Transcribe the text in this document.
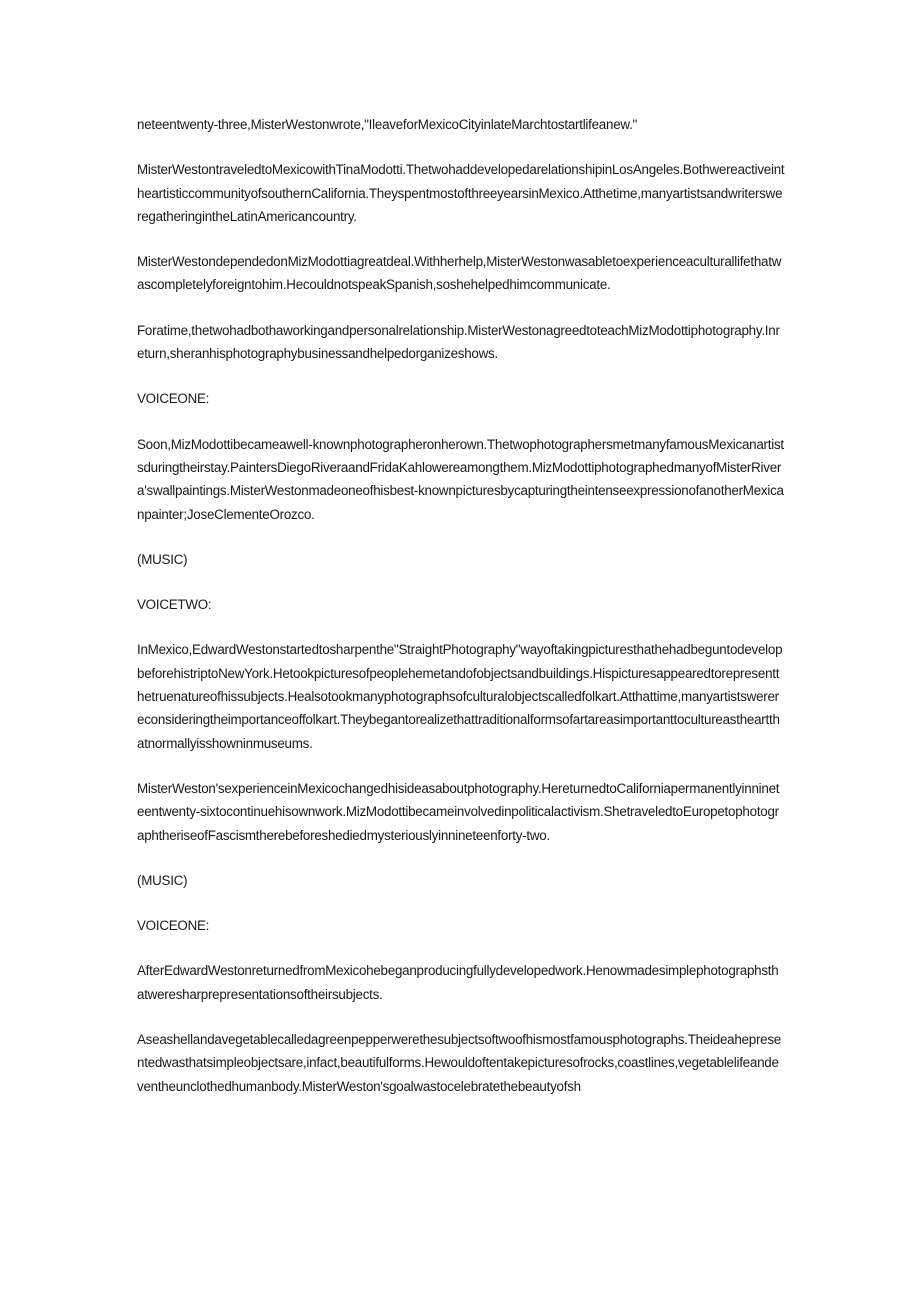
neteentwenty-three,MisterWestonwrote,"IleaveforMexicoCityinlateMarchtostartlifeanew."

MisterWestontraveledtoMexicowithTinaModotti.ThetwohaddevelopedarelationshipinLosAngeles.BothwereactiveintheartisticcommunityofsouthernCalifornia.TheyspentmostofthreeyearsinMexico.Atthetime,manyartistsandwritersweregatheringintheLatinAmericancountry.

MisterWestondependedonMizModottiagreatdeal.Withherhelp,MisterWestonwasabletoexperienceaculturallifethatwascompletelyforeigntohim.HecouldnotspeakSpanish,soshehelpedhimcommunicate.

Foratime,thetwohadbothaworkingandpersonalrelationship.MisterWestonagreedtoteachMizModottiphotography.Inreturn,sheranhisphotographybusinessandhelpedorganizeshows.

VOICEONE:

Soon,MizModottibecameawell-knownphotographeronherown.ThetwophotographersmetmanyfamousMexicanartistsduringtheirstay.PaintersDiegoRiveraandFridaKahlowereamongthem.MizModottiphotographedmanyofMisterRivera'swallpaintings.MisterWestonmadeoneofhisbest-knownpicturesbycapturingtheintenseexpressionofanotherMexicanpainter;JoseClementeOrozco.

(MUSIC)

VOICETWO:

InMexico,EdwardWestonstartedtosharpenthe"StraightPhotography"wayoftakingpicturesthathehadbeguntodevelopbeforehistriptoNewYork.Hetookpicturesofpeoplehemetandofobjectsandbuildings.Hispicturesappearedtorepresentthetruenatureofhissubjects.Healsotookmanyphotographsofculturalobjectscalledfolkart.Atthattime,manyartistswerereconsideringtheimportanceoffolkart.Theybegantorealizethattraditionalformsofartareasimportanttocultureastheartthatnormallyisshowninmuseums.

MisterWeston'sexperienceinMexicochangedhisideasaboutphotography.HereturnedtoCaliforniapermanentlyinnineteentwenty-sixtocontinuehisownwork.MizModottibecameinvolvedinpoliticalactivism.ShetraveledtoEuropetophotographtheriseofFascismtherebeforeshediedmysteriouslyinnineteenforty-two.

(MUSIC)

VOICEONE:

AfterEdwardWestonreturnedfromMexicohebeganproducingfullydevelopedwork.Henowmadesimplephotographsthatweresharprepresentationsoftheirsubjects.

Aseashellandavegetablecalledagreenpepperwerethesubjectsoftwoofhismostfamousphotographs.Theideahepresentedwasthatsimpleobjectsare,infact,beautifulforms.Hewouldoftentakepicturesofrocks,coastlines,vegetablelifeandeventheunclothedhumanbody.MisterWeston'sgoalwastocelebratethebeautyofsh
